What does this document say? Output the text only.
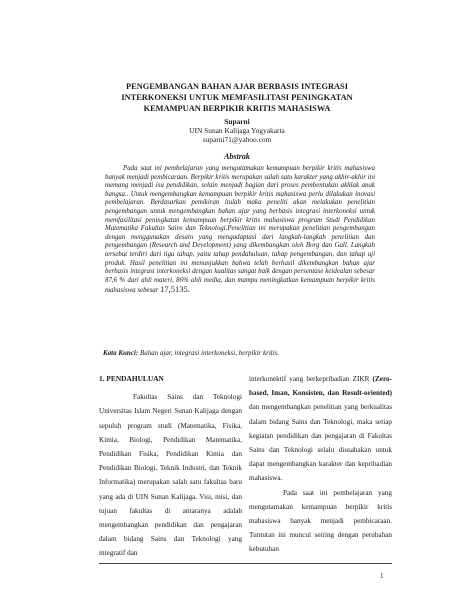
PENGEMBANGAN BAHAN AJAR BERBASIS INTEGRASI
INTERKONEKSI UNTUK MEMFASILITASI PENINGKATAN
KEMAMPUAN BERPIKIR KRITIS MAHASISWA
Suparni
UIN Sunan Kalijaga Yogyakarta
suparni71@yahoo.com
Abstrak

Pada saat ini pembelajaran yang mengutamakan kemampuan berpikir kritis mahasiswa banyak menjadi pembicaraan. Berpikir kritis merupakan salah satu karakter yang akhir-akhir ini memang menjadi isu pendidikan, selain menjadi bagian dari proses pembentukan akhlak anak bangsa.. Untuk mengembangkan kemampuan berpikir kritis mahasiswa perlu dilakukan inovasi pembelajaran. Berdasarkan pemikiran itulah maka peneliti akan melakukan penelitian pengembangan untuk mengembangkan bahan ajar yang berbasis integrasi interkoneksi untuk memfasilitasi peningkatan kemampuan berpikir kritis mahasiswa program Studi Pendidikan Matematika Fakultas Sains dan Teknologi.Penelitian ini merupakan penelitian pengembangan dengan menggunakan desain yang mengadaptasi dari langkah-langkah penelitian dan pengembangan (Research and Development) yang dikembangkan oleh Borg dan Gall. Langkah tersebut terdiri dari tiga tahap, yaitu tahap pendahuluan, tahap pengembangan, dan tahap uji produk. Hasil penelitian ini menunjukkan bahwa telah berhasil dikembangkan bahan ajar berbasis integrasi interkoneksi dengan kualitas sangat baik dengan persentase keidealan sebesar 87,6 % dari ahli materi, 86% ahli media, dan mampu meningkatkan kemampuan berpikir kritis mahasiswa sebesar 17,5135.

Kata Kunci: Bahan ajar, integrasi interkoneksi, berpikir kritis.

1. PENDAHULUAN

Fakultas Sains dan Teknologi Universitas Islam Negeri Sunan Kalijaga dengan sepuluh program studi (Matematika, Fisika, Kimia, Biologi, Pendidikan Matematika, Pendidikan Fisika, Pendidikan Kimia dan Pendidikan Biologi, Teknik Industri, dan Teknik Informatika) merupakan salah satu fakultas baru yang ada di UIN Sunan Kalijaga. Visi, misi, dan tujuan fakultas di antaranya adalah mengembangkan pendidikan dan pengajaran dalam bidang Sains dan Teknologi yang integratif dan

interkonektif yang berkepribadian ZIKR (Zero-based, Iman, Konsisten, dan Result-oriented) dan mengembangkan penelitian yang berkualitas dalam bidang Sains dan Teknologi, maka setiap kegiatan pendidikan dan pengajaran di Fakultas Sains dan Teknologi selalu diusahakan untuk dapat mengembangkan karakter dan kepribadian mahasiswa.

Pada saat ini pembelajaran yang mengutamakan kemampuan berpikir kritis mahasiswa banyak menjadi pembicaraan. Tuntutan ini muncul seiring dengan perubahan kebutuhan

1
